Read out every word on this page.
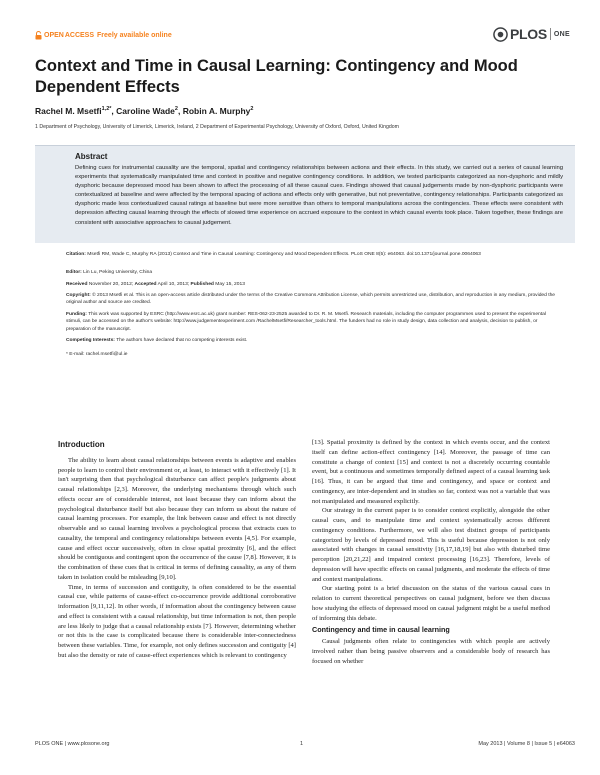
OPEN ACCESS Freely available online	PLOS ONE
Context and Time in Causal Learning: Contingency and Mood Dependent Effects
Rachel M. Msetfi$^{1,2*}$, Caroline Wade$^2$, Robin A. Murphy$^2$
1 Department of Psychology, University of Limerick, Limerick, Ireland, 2 Department of Experimental Psychology, University of Oxford, Oxford, United Kingdom
Abstract
Defining cues for instrumental causality are the temporal, spatial and contingency relationships between actions and their effects. In this study, we carried out a series of causal learning experiments that systematically manipulated time and context in positive and negative contingency conditions. In addition, we tested participants categorized as non-dysphoric and mildly dysphoric because depressed mood has been shown to affect the processing of all these causal cues. Findings showed that causal judgements made by non-dysphoric participants were contextualized at baseline and were affected by the temporal spacing of actions and effects only with generative, but not preventative, contingency relationships. Participants categorized as dysphoric made less contextualized causal ratings at baseline but were more sensitive than others to temporal manipulations across the contingencies. These effects were consistent with depression affecting causal learning through the effects of slowed time experience on accrued exposure to the context in which causal events took place. Taken together, these findings are consistent with associative approaches to causal judgement.
Citation: Msetfi RM, Wade C, Murphy RA (2013) Context and Time in Causal Learning: Contingency and Mood Dependent Effects. PLoS ONE 8(5): e64063. doi:10.1371/journal.pone.0064063
Editor: Lin Lu, Peking University, China
Received November 20, 2012; Accepted April 10, 2013; Published May 15, 2013
Copyright: © 2013 Msetfi et al. This is an open-access article distributed under the terms of the Creative Commons Attribution License, which permits unrestricted use, distribution, and reproduction in any medium, provided the original author and source are credited.
Funding: This work was supported by ESRC (http://www.esrc.ac.uk) grant number: RES-062-23-2525 awarded to Dr. R. M. Msetfi. Research materials, including the computer programmes used to present the experimental stimuli, can be accessed on the author's website: http://www.judgementexperiment.com /RachelMsetfi/Researcher_tools.html. The funders had no role in study design, data collection and analysis, decision to publish, or preparation of the manuscript.
Competing Interests: The authors have declared that no competing interests exist.
* E-mail: rachel.msetfi@ul.ie
Introduction

The ability to learn about causal relationships between events is adaptive and enables people to learn to control their environment or, at least, to interact with it effectively [1]. It isn't surprising then that psychological disturbance can affect people's judgments about causal relationships [2,3]. Moreover, the underlying mechanisms through which such effects occur are of considerable interest, not least because they can inform about the psychological disturbance itself but also because they can inform us about the nature of causal learning processes. For example, the link between cause and effect is not directly observable and so causal learning involves a psychological process that extracts cues to causality, the temporal and contingency relationships between events [4,5]. For example, cause and effect occur successively, often in close spatial proximity [6], and the effect should be contiguous and contingent upon the occurrence of the cause [7,8]. However, it is the combination of these cues that is critical in terms of defining causality, as any of them taken in isolation could be misleading [9,10].

Time, in terms of succession and contiguity, is often considered to be the essential causal cue, while patterns of cause-effect co-occurrence provide additional corroborative information [9,11,12]. In other words, if information about the contingency between cause and effect is consistent with a causal relationship, but time information is not, then people are less likely to judge that a causal relationship exists [7]. However, determining whether or not this is the case is complicated because there is considerable inter-connectedness between these variables. Time, for example, not only defines succession and contiguity [4] but also the density or rate of cause-effect experiences which is relevant to contingency

[13]. Spatial proximity is defined by the context in which events occur, and the context itself can define action-effect contingency [14]. Moreover, the passage of time can constitute a change of context [15] and context is not a discretely occurring countable event, but a continuous and sometimes temporally defined aspect of a causal learning task [16]. Thus, it can be argued that time and contingency, and space or context and contingency, are inter-dependent and in studies so far, context was not a variable that was not manipulated and measured explicitly.

Our strategy in the current paper is to consider context explicitly, alongside the other causal cues, and to manipulate time and context systematically across different contingency conditions. Furthermore, we will also test distinct groups of participants categorized by levels of depressed mood. This is useful because depression is not only associated with changes in causal sensitivity [16,17,18,19] but also with disturbed time perception [20,21,22] and impaired context processing [16,23]. Therefore, levels of depression will have specific effects on causal judgments, and moderate the effects of time and context manipulations.

Our starting point is a brief discussion on the status of the various causal cues in relation to current theoretical perspectives on causal judgment, before we then discuss how studying the effects of depressed mood on causal judgment might be a useful method of informing this debate.

Contingency and time in causal learning

Causal judgments often relate to contingencies with which people are actively involved rather than being passive observers and a considerable body of research has focused on whether

PLOS ONE | www.plosone.org	1	May 2013 | Volume 8 | Issue 5 | e64063
